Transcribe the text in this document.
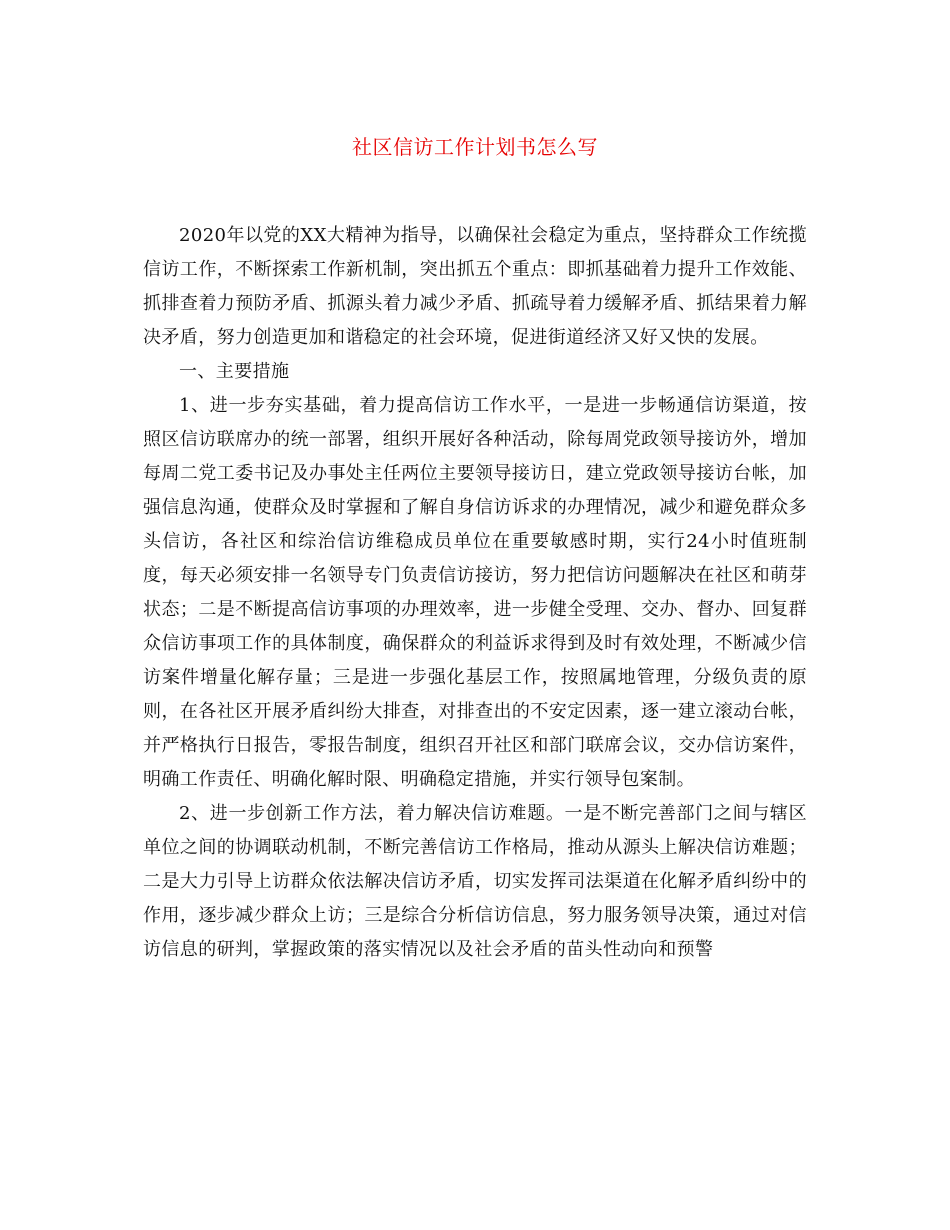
社区信访工作计划书怎么写

2020年以党的XX大精神为指导，以确保社会稳定为重点，坚持群众工作统揽信访工作，不断探索工作新机制，突出抓五个重点：即抓基础着力提升工作效能、抓排查着力预防矛盾、抓源头着力减少矛盾、抓疏导着力缓解矛盾、抓结果着力解决矛盾，努力创造更加和谐稳定的社会环境，促进街道经济又好又快的发展。

一、主要措施

1、进一步夯实基础，着力提高信访工作水平，一是进一步畅通信访渠道，按照区信访联席办的统一部署，组织开展好各种活动，除每周党政领导接访外，增加每周二党工委书记及办事处主任两位主要领导接访日，建立党政领导接访台帐，加强信息沟通，使群众及时掌握和了解自身信访诉求的办理情况，减少和避免群众多头信访，各社区和综治信访维稳成员单位在重要敏感时期，实行24小时值班制度，每天必须安排一名领导专门负责信访接访，努力把信访问题解决在社区和萌芽状态；二是不断提高信访事项的办理效率，进一步健全受理、交办、督办、回复群众信访事项工作的具体制度，确保群众的利益诉求得到及时有效处理，不断减少信访案件增量化解存量；三是进一步强化基层工作，按照属地管理，分级负责的原则，在各社区开展矛盾纠纷大排查，对排查出的不安定因素，逐一建立滚动台帐，并严格执行日报告，零报告制度，组织召开社区和部门联席会议，交办信访案件，明确工作责任、明确化解时限、明确稳定措施，并实行领导包案制。

2、进一步创新工作方法，着力解决信访难题。一是不断完善部门之间与辖区单位之间的协调联动机制，不断完善信访工作格局，推动从源头上解决信访难题；二是大力引导上访群众依法解决信访矛盾，切实发挥司法渠道在化解矛盾纠纷中的作用，逐步减少群众上访；三是综合分析信访信息，努力服务领导决策，通过对信访信息的研判，掌握政策的落实情况以及社会矛盾的苗头性动向和预警
